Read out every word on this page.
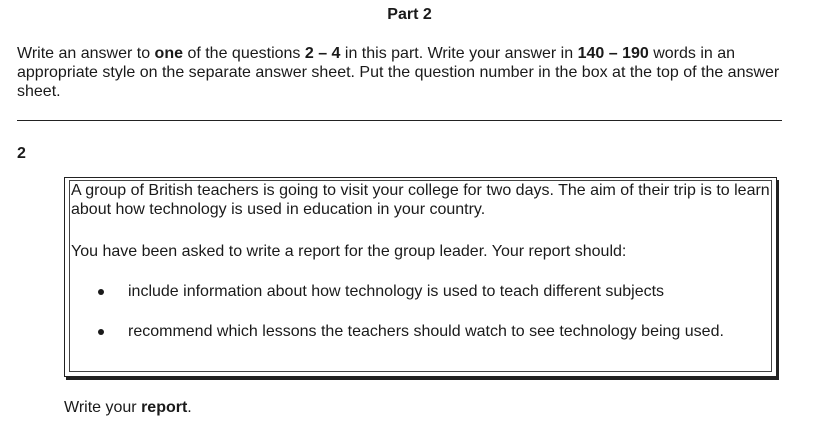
Part 2
Write an answer to one of the questions 2 – 4 in this part. Write your answer in 140 – 190 words in an appropriate style on the separate answer sheet. Put the question number in the box at the top of the answer sheet.
2

A group of British teachers is going to visit your college for two days. The aim of their trip is to learn about how technology is used in education in your country.

You have been asked to write a report for the group leader. Your report should:

include information about how technology is used to teach different subjects
recommend which lessons the teachers should watch to see technology being used.
Write your report.
